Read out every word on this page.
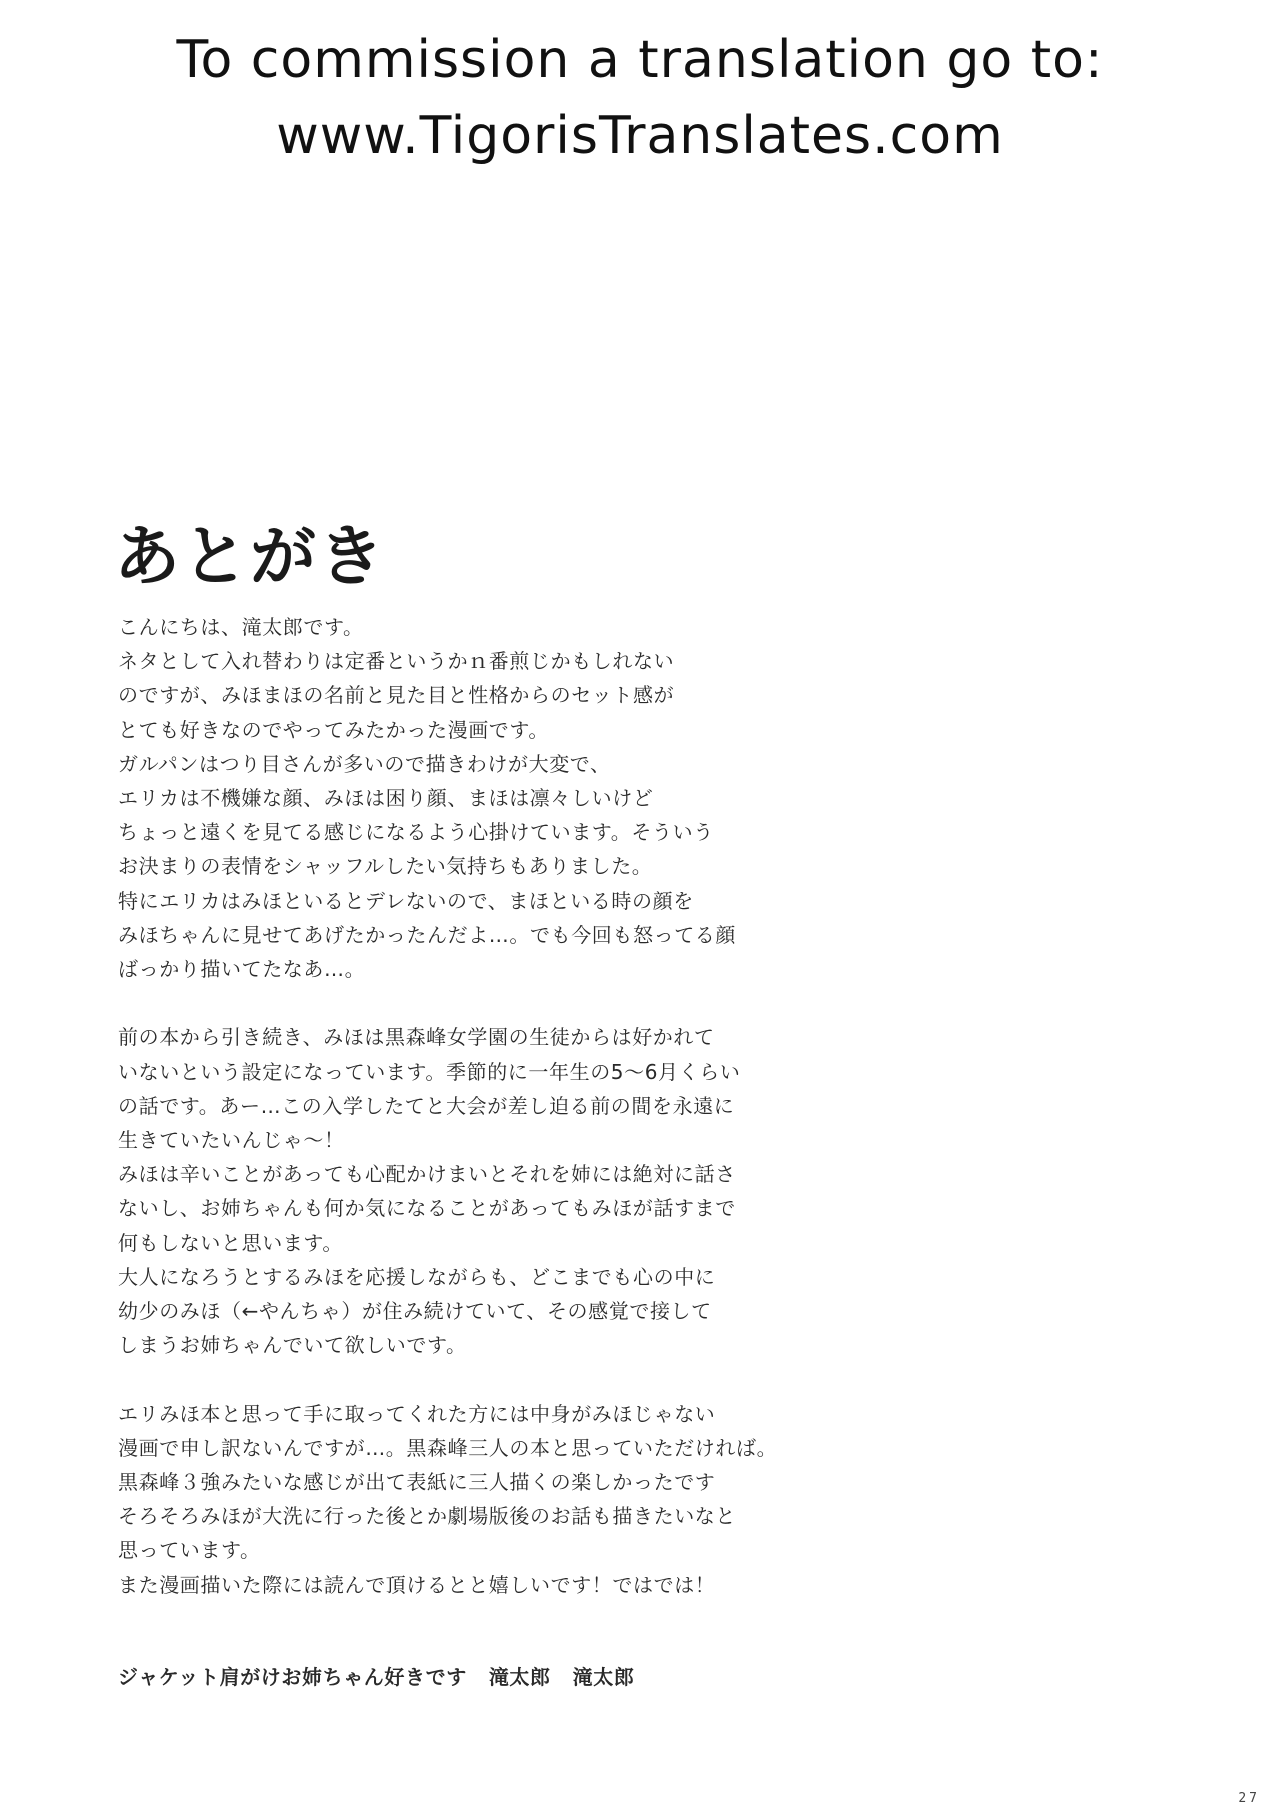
To commission a translation go to:
www.TigorisTranslates.com
あとがき
こんにちは、滝太郎です。
ネタとして入れ替わりは定番というかｎ番煎じかもしれない
のですが、みほまほの名前と見た目と性格からのセット感が
とても好きなのでやってみたかった漫画です。
ガルパンはつり目さんが多いので描きわけが大変で、
エリカは不機嫌な顔、みほは困り顔、まほは凛々しいけど
ちょっと遠くを見てる感じになるよう心掛けています。そういう
お決まりの表情をシャッフルしたい気持ちもありました。
特にエリカはみほといるとデレないので、まほといる時の顔を
みほちゃんに見せてあげたかったんだよ…。でも今回も怒ってる顔
ばっかり描いてたなあ…。
前の本から引き続き、みほは黒森峰女学園の生徒からは好かれて
いないという設定になっています。季節的に一年生の5～6月くらい
の話です。あー…この入学したてと大会が差し迫る前の間を永遠に
生きていたいんじゃ～！
みほは辛いことがあっても心配かけまいとそれを姉には絶対に話さ
ないし、お姉ちゃんも何か気になることがあってもみほが話すまで
何もしないと思います。
大人になろうとするみほを応援しながらも、どこまでも心の中に
幼少のみほ（←やんちゃ）が住み続けていて、その感覚で接して
しまうお姉ちゃんでいて欲しいです。
エリみほ本と思って手に取ってくれた方には中身がみほじゃない
漫画で申し訳ないんですが…。黒森峰三人の本と思っていただければ。
黒森峰３強みたいな感じが出て表紙に三人描くの楽しかったです
そろそろみほが大洗に行った後とか劇場版後のお話も描きたいなと
思っています。
また漫画描いた際には読んで頂けるとと嬉しいです！ではでは！
ジャケット肩がけお姉ちゃん好きです 滝太郎 滝太郎
27
